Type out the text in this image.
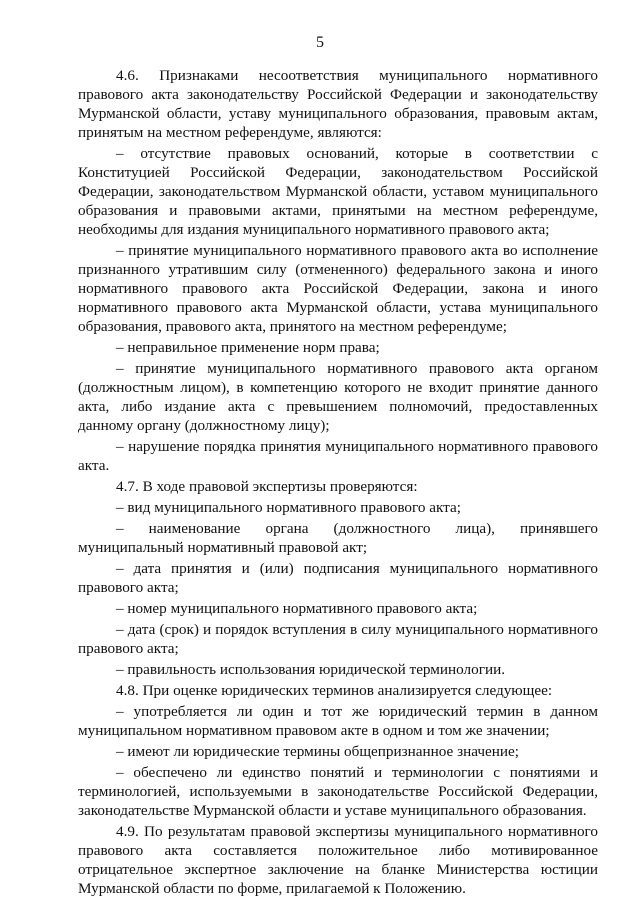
5

4.6. Признаками несоответствия муниципального нормативного правового акта законодательству Российской Федерации и законодательству Мурманской области, уставу муниципального образования, правовым актам, принятым на местном референдуме, являются:

– отсутствие правовых оснований, которые в соответствии с Конституцией Российской Федерации, законодательством Российской Федерации, законодательством Мурманской области, уставом муниципального образования и правовыми актами, принятыми на местном референдуме, необходимы для издания муниципального нормативного правового акта;

– принятие муниципального нормативного правового акта во исполнение признанного утратившим силу (отмененного) федерального закона и иного нормативного правового акта Российской Федерации, закона и иного нормативного правового акта Мурманской области, устава муниципального образования, правового акта, принятого на местном референдуме;

– неправильное применение норм права;

– принятие муниципального нормативного правового акта органом (должностным лицом), в компетенцию которого не входит принятие данного акта, либо издание акта с превышением полномочий, предоставленных данному органу (должностному лицу);

– нарушение порядка принятия муниципального нормативного правового акта.

4.7. В ходе правовой экспертизы проверяются:

– вид муниципального нормативного правового акта;

– наименование органа (должностного лица), принявшего муниципальный нормативный правовой акт;

– дата принятия и (или) подписания муниципального нормативного правового акта;

– номер муниципального нормативного правового акта;

– дата (срок) и порядок вступления в силу муниципального нормативного правового акта;

– правильность использования юридической терминологии.

4.8. При оценке юридических терминов анализируется следующее:

– употребляется ли один и тот же юридический термин в данном муниципальном нормативном правовом акте в одном и том же значении;

– имеют ли юридические термины общепризнанное значение;

– обеспечено ли единство понятий и терминологии с понятиями и терминологией, используемыми в законодательстве Российской Федерации, законодательстве Мурманской области и уставе муниципального образования.

4.9. По результатам правовой экспертизы муниципального нормативного правового акта составляется положительное либо мотивированное отрицательное экспертное заключение на бланке Министерства юстиции Мурманской области по форме, прилагаемой к Положению.
